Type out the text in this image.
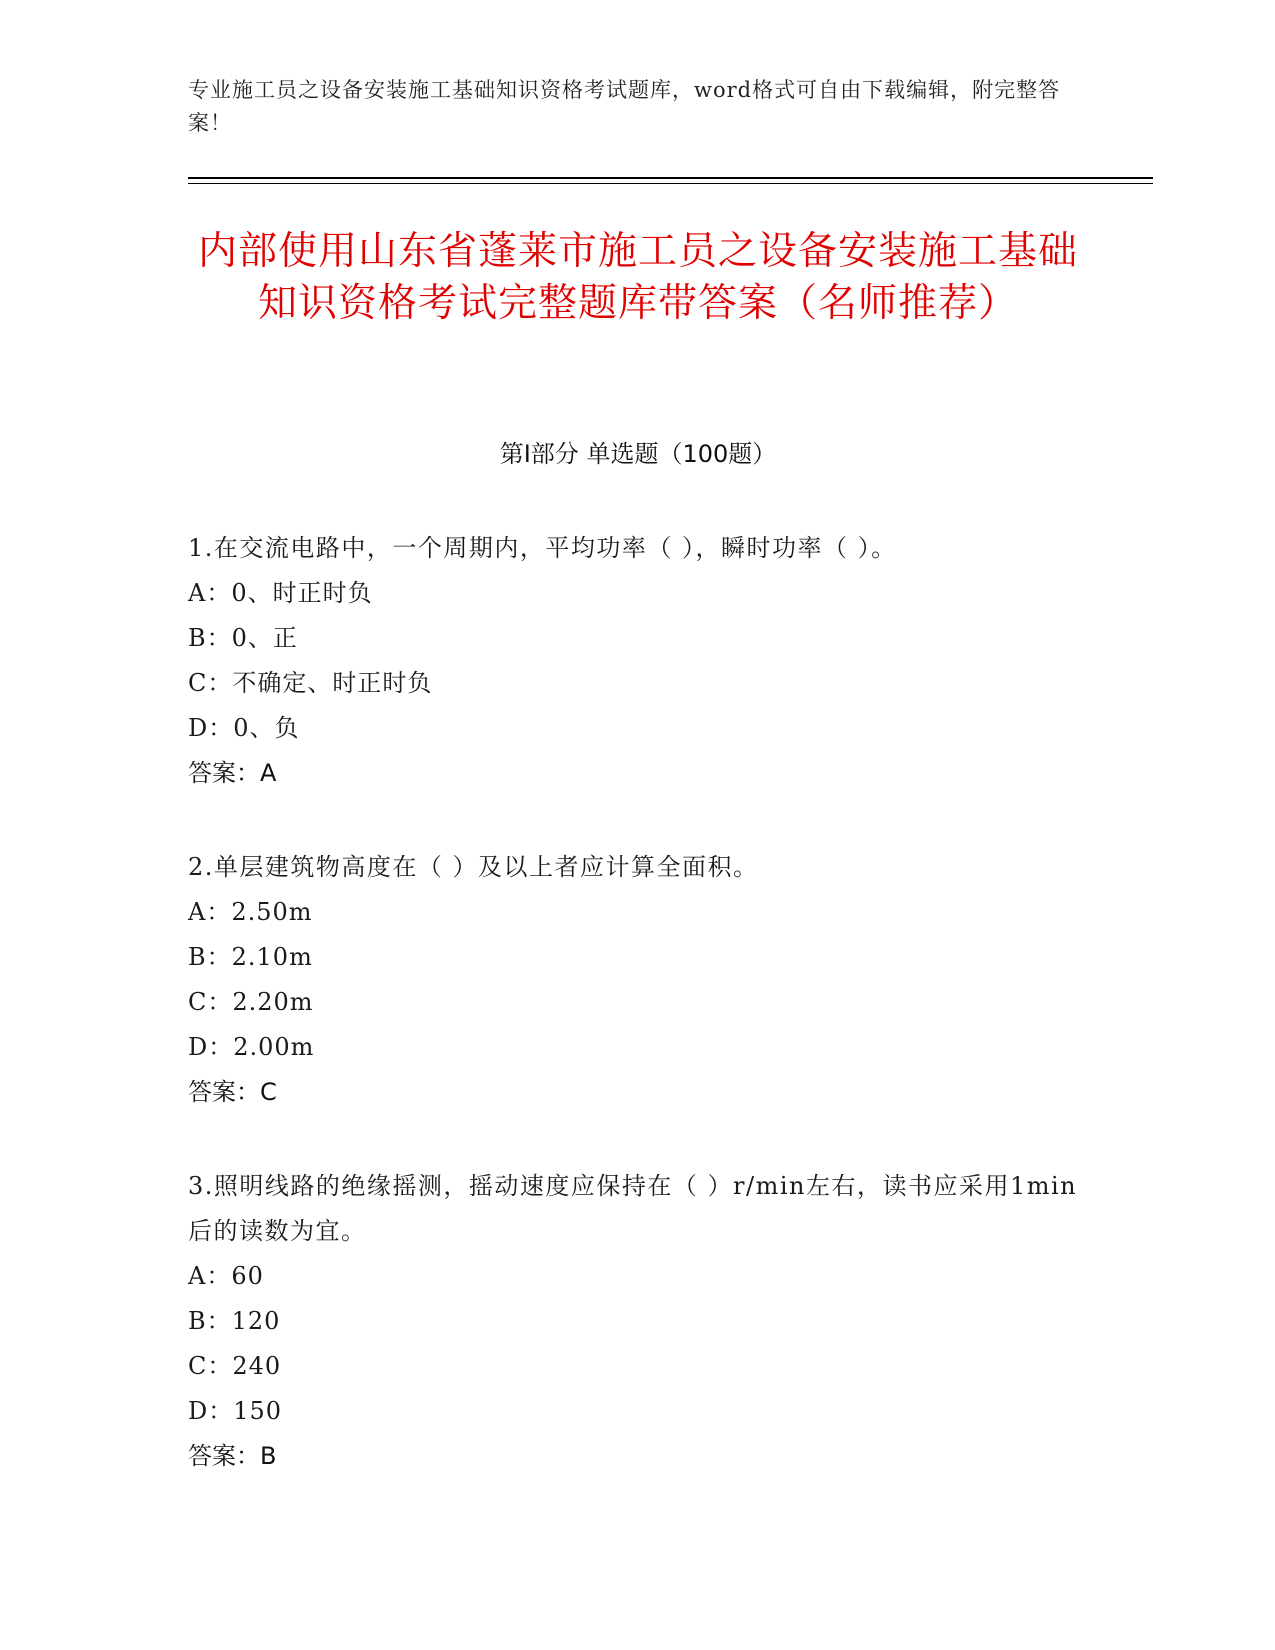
专业施工员之设备安装施工基础知识资格考试题库，word格式可自由下载编辑，附完整答案！
内部使用山东省蓬莱市施工员之设备安装施工基础知识资格考试完整题库带答案（名师推荐）
第Ⅰ部分 单选题（100题）
1.在交流电路中，一个周期内，平均功率（ ），瞬时功率（ ）。
A：0、时正时负
B：0、正
C：不确定、时正时负
D：0、负
答案：A
2.单层建筑物高度在（ ）及以上者应计算全面积。
A：2.50m
B：2.10m
C：2.20m
D：2.00m
答案：C
3.照明线路的绝缘摇测，摇动速度应保持在（ ）r/min左右，读书应采用1min后的读数为宜。
A：60
B：120
C：240
D：150
答案：B
